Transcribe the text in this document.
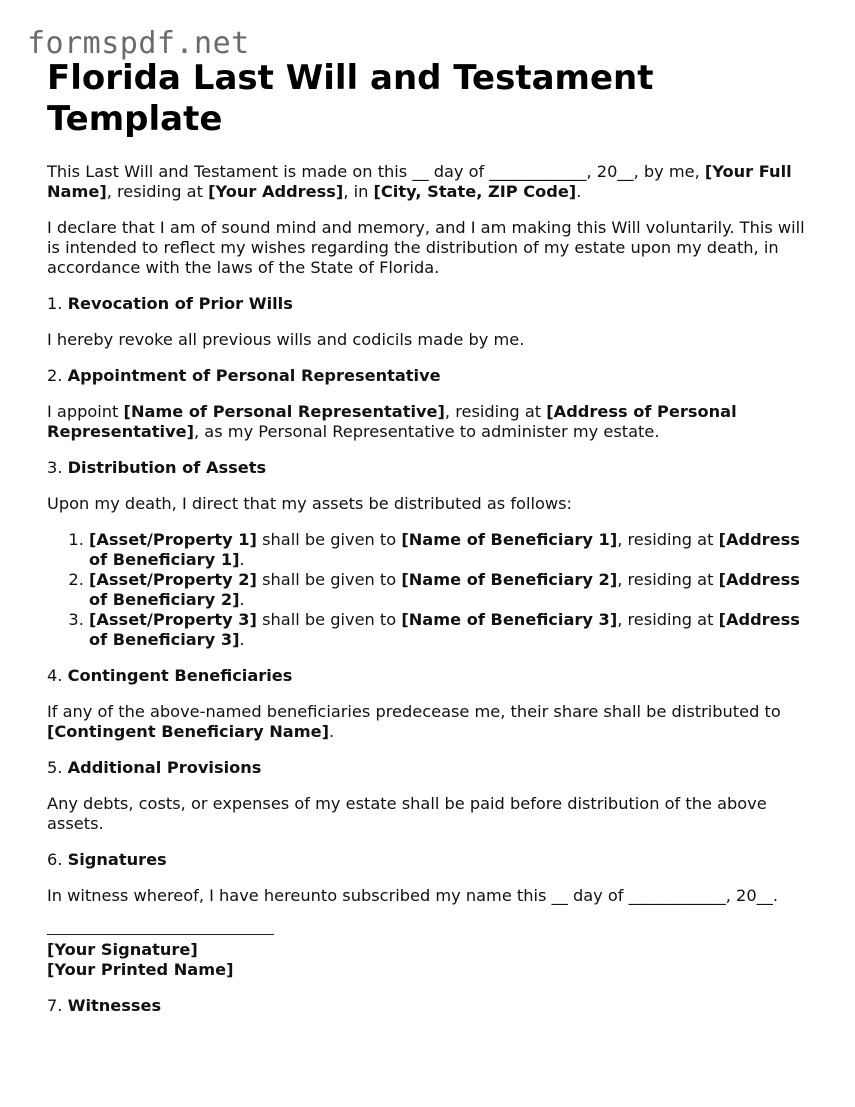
formspdf.net
Florida Last Will and Testament Template

This Last Will and Testament is made on this __ day of ____________, 20__, by me, [Your Full Name], residing at [Your Address], in [City, State, ZIP Code].

I declare that I am of sound mind and memory, and I am making this Will voluntarily. This will is intended to reflect my wishes regarding the distribution of my estate upon my death, in accordance with the laws of the State of Florida.

1. Revocation of Prior Wills

I hereby revoke all previous wills and codicils made by me.

2. Appointment of Personal Representative

I appoint [Name of Personal Representative], residing at [Address of Personal Representative], as my Personal Representative to administer my estate.

3. Distribution of Assets

Upon my death, I direct that my assets be distributed as follows:

1. [Asset/Property 1] shall be given to [Name of Beneficiary 1], residing at [Address of Beneficiary 1].
2. [Asset/Property 2] shall be given to [Name of Beneficiary 2], residing at [Address of Beneficiary 2].
3. [Asset/Property 3] shall be given to [Name of Beneficiary 3], residing at [Address of Beneficiary 3].

4. Contingent Beneficiaries

If any of the above-named beneficiaries predecease me, their share shall be distributed to [Contingent Beneficiary Name].

5. Additional Provisions

Any debts, costs, or expenses of my estate shall be paid before distribution of the above assets.

6. Signatures

In witness whereof, I have hereunto subscribed my name this __ day of ____________, 20__.

[Your Signature]

[Your Printed Name]

7. Witnesses
